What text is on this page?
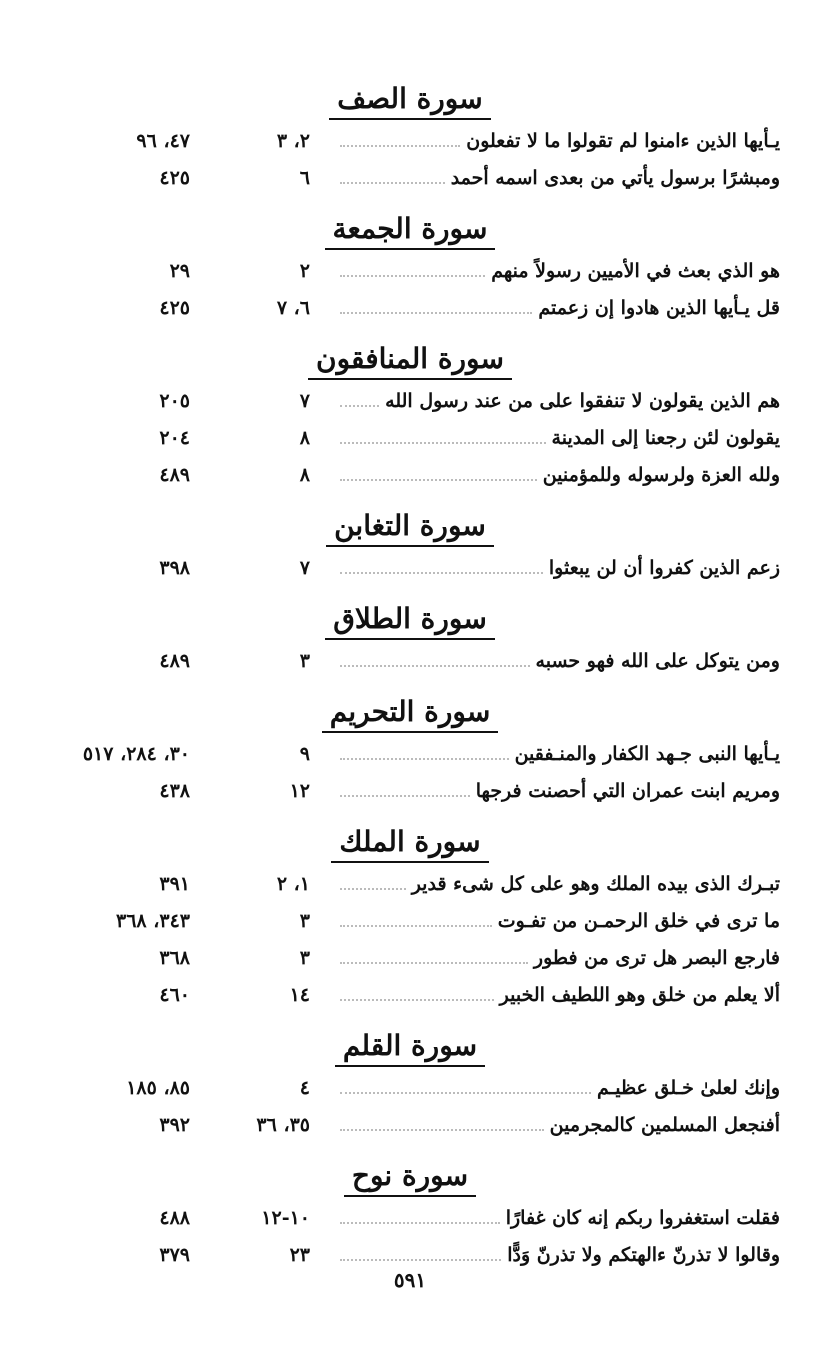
سورة الصف
يـأيها الذين ءامنوا لم تقولوا ما لا تفعلون
٢، ٣
٤٧، ٩٦
ومبشرًا برسول يأتي من بعدى اسمه أحمد
٦
٤٢٥
سورة الجمعة
هو الذي بعث في الأميين رسولاً منهم
٢
٢٩
قل يـأيها الذين هادوا إن زعمتم
٦، ٧
٤٢٥
سورة المنافقون
هم الذين يقولون لا تنفقوا على من عند رسول الله
٧
٢٠٥
يقولون لئن رجعنا إلى المدينة
٨
٢٠٤
ولله العزة ولرسوله وللمؤمنين
٨
٤٨٩
سورة التغابن
زعم الذين كفروا أن لن يبعثوا
٧
٣٩٨
سورة الطلاق
ومن يتوكل على الله فهو حسبه
٣
٤٨٩
سورة التحريم
يـأيها النبى جـهد الكفار والمنـفقين
٩
٣٠، ٢٨٤، ٥١٧
ومريم ابنت عمران التي أحصنت فرجها
١٢
٤٣٨
سورة الملك
تبـرك الذى بيده الملك وهو على كل شىء قدير
١، ٢
٣٩١
ما ترى في خلق الرحمـن من تفـوت
٣
٣٤٣، ٣٦٨
فارجع البصر هل ترى من فطور
٣
٣٦٨
ألا يعلم من خلق وهو اللطيف الخبير
١٤
٤٦٠
سورة القلم
وإنك لعلىٰ خـلق عظيـم
٤
٨٥، ١٨٥
أفنجعل المسلمين كالمجرمين
٣٥، ٣٦
٣٩٢
سورة نوح
فقلت استغفروا ربكم إنه كان غفارًا
١٠-١٢
٤٨٨
وقالوا لا تذرنّ ءالهتكم ولا تذرنّ وَدًّا
٢٣
٣٧٩
٥٩١
